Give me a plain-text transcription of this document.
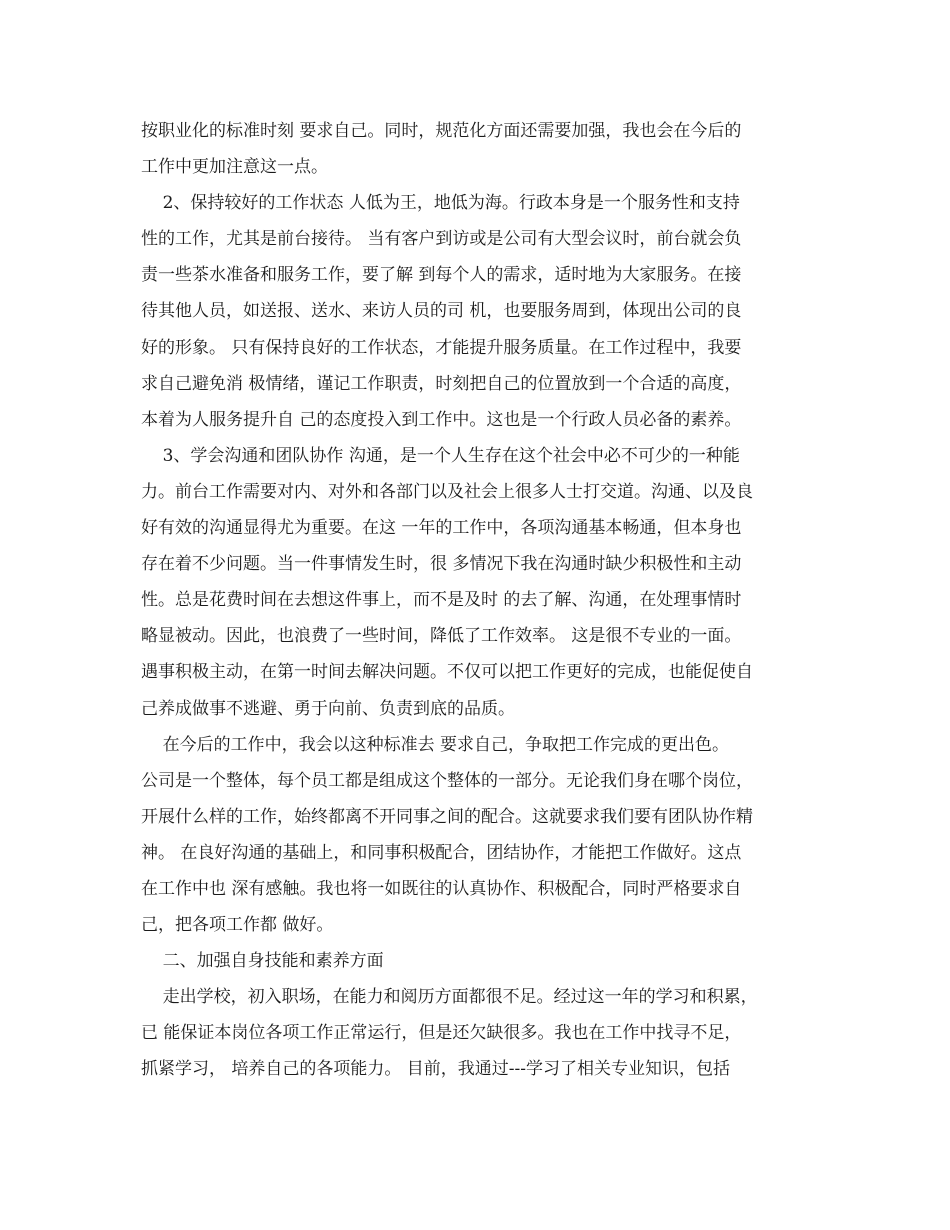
按职业化的标准时刻 要求自己。同时，规范化方面还需要加强，我也会在今后的
工作中更加注意这一点。
2、保持较好的工作状态 人低为王，地低为海。行政本身是一个服务性和支持
性的工作，尤其是前台接待。 当有客户到访或是公司有大型会议时，前台就会负
责一些茶水准备和服务工作，要了解 到每个人的需求，适时地为大家服务。在接
待其他人员，如送报、送水、来访人员的司 机，也要服务周到，体现出公司的良
好的形象。 只有保持良好的工作状态，才能提升服务质量。在工作过程中，我要
求自己避免消 极情绪，谨记工作职责，时刻把自己的位置放到一个合适的高度，
本着为人服务提升自 己的态度投入到工作中。这也是一个行政人员必备的素养。
3、学会沟通和团队协作 沟通，是一个人生存在这个社会中必不可少的一种能
力。前台工作需要对内、对外和各部门以及社会上很多人士打交道。沟通、以及良
好有效的沟通显得尤为重要。在这 一年的工作中，各项沟通基本畅通，但本身也
存在着不少问题。当一件事情发生时，很 多情况下我在沟通时缺少积极性和主动
性。总是花费时间在去想这件事上，而不是及时 的去了解、沟通，在处理事情时
略显被动。因此，也浪费了一些时间，降低了工作效率。 这是很不专业的一面。
遇事积极主动，在第一时间去解决问题。不仅可以把工作更好的完成，也能促使自
己养成做事不逃避、勇于向前、负责到底的品质。
在今后的工作中，我会以这种标准去 要求自己，争取把工作完成的更出色。
公司是一个整体，每个员工都是组成这个整体的一部分。无论我们身在哪个岗位，
开展什么样的工作，始终都离不开同事之间的配合。这就要求我们要有团队协作精
神。 在良好沟通的基础上，和同事积极配合，团结协作，才能把工作做好。这点
在工作中也 深有感触。我也将一如既往的认真协作、积极配合，同时严格要求自
己，把各项工作都 做好。
二、加强自身技能和素养方面
走出学校，初入职场，在能力和阅历方面都很不足。经过这一年的学习和积累，
已 能保证本岗位各项工作正常运行，但是还欠缺很多。我也在工作中找寻不足，
抓紧学习， 培养自己的各项能力。 目前，我通过---学习了相关专业知识，包括
